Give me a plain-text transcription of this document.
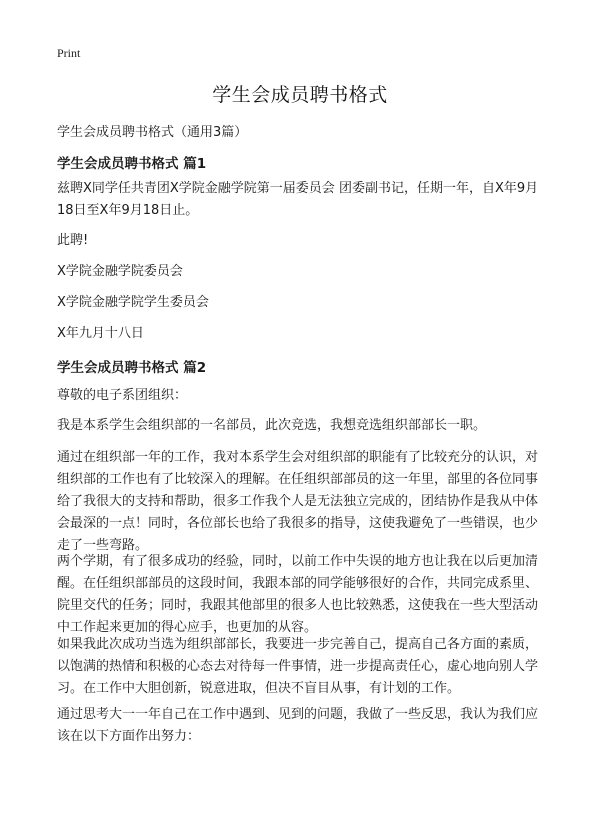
Print
学生会成员聘书格式
学生会成员聘书格式（通用3篇）
学生会成员聘书格式 篇1

兹聘X同学任共青团X学院金融学院第一届委员会 团委副书记，任期一年，自X年9月18日至X年9月18日止。

此聘!

X学院金融学院委员会

X学院金融学院学生委员会

X年九月十八日

学生会成员聘书格式 篇2

尊敬的电子系团组织：

我是本系学生会组织部的一名部员，此次竞选，我想竞选组织部部长一职。

通过在组织部一年的工作，我对本系学生会对组织部的职能有了比较充分的认识，对组织部的工作也有了比较深入的理解。在任组织部部员的这一年里，部里的各位同事给了我很大的支持和帮助，很多工作我个人是无法独立完成的，团结协作是我从中体会最深的一点！同时，各位部长也给了我很多的指导，这使我避免了一些错误，也少走了一些弯路。

两个学期，有了很多成功的经验，同时，以前工作中失误的地方也让我在以后更加清醒。在任组织部部员的这段时间，我跟本部的同学能够很好的合作，共同完成系里、院里交代的任务；同时，我跟其他部里的很多人也比较熟悉，这使我在一些大型活动中工作起来更加的得心应手，也更加的从容。

如果我此次成功当选为组织部部长，我要进一步完善自己，提高自己各方面的素质，以饱满的热情和积极的心态去对待每一件事情，进一步提高责任心，虚心地向别人学习。在工作中大胆创新，锐意进取，但决不盲目从事，有计划的工作。

通过思考大一一年自己在工作中遇到、见到的问题，我做了一些反思，我认为我们应该在以下方面作出努力：
